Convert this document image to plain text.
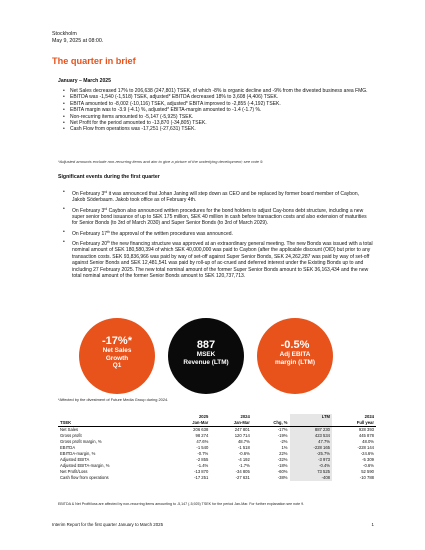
Stockholm
May 9, 2025 at 08:00.
The quarter in brief
January – March 2025
• Net Sales decreased 17% to 206,638 (247,801) TSEK, of which -8% is organic decline and -9% from the divested business area FMG.
• EBITDA was -1,540 (-1,518) TSEK, adjusted* EBITDA decreased 18% to 3,608 (4,406) TSEK.
• EBITA amounted to -8,002 (-10,116) TSEK, adjusted* EBITA improved to -2,855 (-4,192) TSEK.
• EBITA margin was to -3.9 (-4.1) %, adjusted* EBITA-margin amounted to -1.4 (-1.7) %.
• Non-recurring items amounted to -5,147 (-5,925) TSEK.
• Net Profit for the period amounted to -13,870 (-34,805) TSEK.
• Cash Flow from operations was -17,251 (-27,631) TSEK.
*Adjusted amounts exclude non-recurring items and aim to give a picture of the underlying development; see note 9.
Significant events during the first quarter
• On February 3rd it was announced that Johan Janing will step down as CEO and be replaced by former board member of Caybon, Jakob Söderbaum. Jakob took office as of February 4th.
• On February 3rd Caybon also announced written procedures for the bond holders to adjust Cay-bons debt structure, including a new super senior bond issuance of up to SEK 175 million, SEK 40 million in cash before transaction costs and also extension of maturities for Senior Bonds (to 3rd of March 2030) and Super Senior Bonds (to 3rd of March 2029).
• On February 17th the approval of the written procedures was announced.
• On February 20th the new financing structure was approved at an extraordinary general meeting. The new Bonds was issued with a total nominal amount of SEK 180,580,394 of which SEK 40,000,000 was paid to Caybon (after the applicable discount (OID) but prior to any transaction costs. SEK 93,836,966 was paid by way of set-off against Super Senior Bonds, SEK 24,262,287 was paid by way of set-off against Senior Bonds and SEK 12,481,541 was paid by roll-up of ac-crued and deferred interest under the Existing Bonds up to and including 27 February 2025. The new total nominal amount of the former Super Senior Bonds amount to SEK 36,163,434 and the new total nominal amount of the former Senior Bonds amount to SEK 120,737,713.
-17%*
Net Sales
Growth
Q1
887
MSEK
Revenue (LTM)
-0.5%
Adj EBITA
margin (LTM)
*Affected by the divestment of Future Media Group during 2024.
	2025	2024		LTM	2024
TSEK	Jan-Mar	Jan-Mar	Chg, %		Full year
Net Sales	206 638	247 801	-17%	887 230	928 393
Gross profit	98 274	120 714	-19%	423 534	445 878
Gross profit margin, %	47.6%	48.7%	-2%	47.7%	48.0%
EBITDA	-1 540	-1 518	1%	-228 165	-228 144
EBITDA-margin, %	-0.7%	-0.6%	22%	-25.7%	-24.6%
Adjusted EBITA	-2 855	-4 192	-32%	-3 973	-5 309
Adjusted EBITA-margin, %	-1.4%	-1.7%	-18%	-0.4%	-0.6%
Net Profit/Loss	-13 870	-34 805	-60%	73 525	52 590
Cash flow from operations	-17 251	-27 631	-38%	-408	-10 788
EBITDA & Net Profit/loss are affected by non-recurring items amounting to -5,147 (-5,925) TSEK for the period Jan-Mar. For further explanation see note 9.
Interim Report for the first quarter January to March 2025	1
